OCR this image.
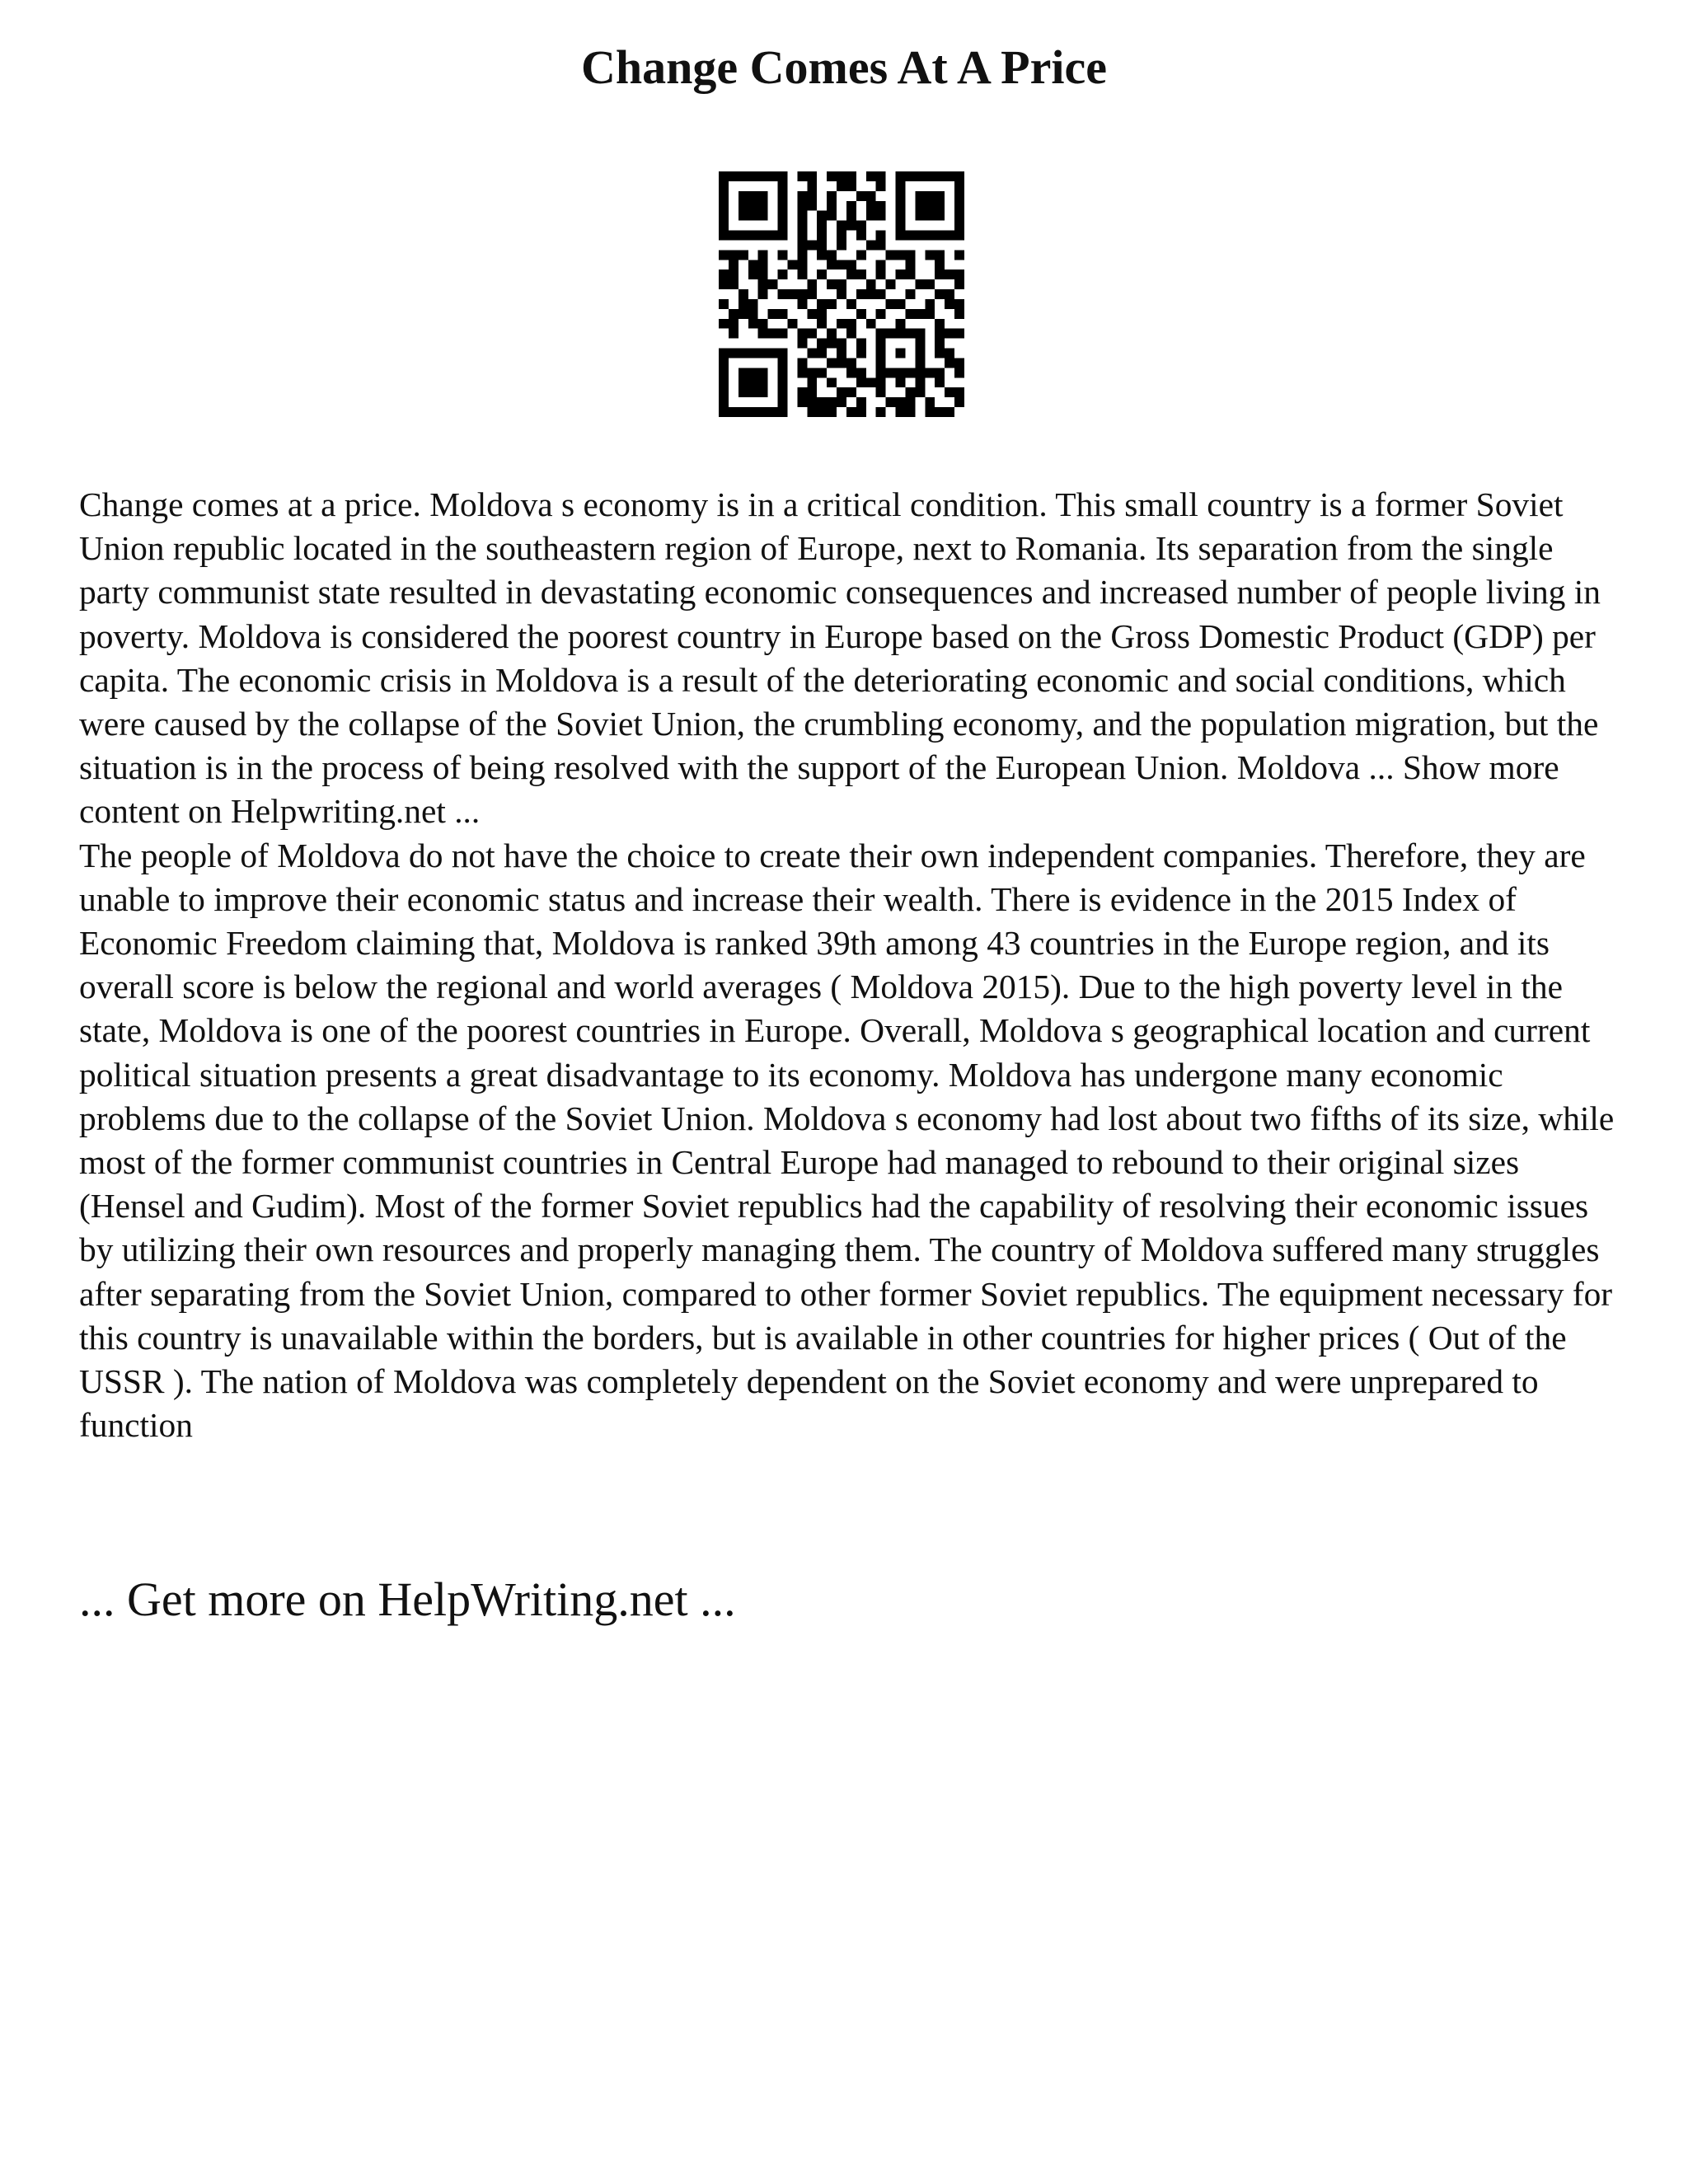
Change Comes At A Price

Change comes at a price. Moldova s economy is in a critical condition. This small country is a former Soviet Union republic located in the southeastern region of Europe, next to Romania. Its separation from the single party communist state resulted in devastating economic consequences and increased number of people living in poverty. Moldova is considered the poorest country in Europe based on the Gross Domestic Product (GDP) per capita. The economic crisis in Moldova is a result of the deteriorating economic and social conditions, which were caused by the collapse of the Soviet Union, the crumbling economy, and the population migration, but the situation is in the process of being resolved with the support of the European Union. Moldova ... Show more content on Helpwriting.net ...

The people of Moldova do not have the choice to create their own independent companies. Therefore, they are unable to improve their economic status and increase their wealth. There is evidence in the 2015 Index of Economic Freedom claiming that, Moldova is ranked 39th among 43 countries in the Europe region, and its overall score is below the regional and world averages ( Moldova 2015). Due to the high poverty level in the state, Moldova is one of the poorest countries in Europe. Overall, Moldova s geographical location and current political situation presents a great disadvantage to its economy. Moldova has undergone many economic problems due to the collapse of the Soviet Union. Moldova s economy had lost about two fifths of its size, while most of the former communist countries in Central Europe had managed to rebound to their original sizes (Hensel and Gudim). Most of the former Soviet republics had the capability of resolving their economic issues by utilizing their own resources and properly managing them. The country of Moldova suffered many struggles after separating from the Soviet Union, compared to other former Soviet republics. The equipment necessary for this country is unavailable within the borders, but is available in other countries for higher prices ( Out of the USSR ). The nation of Moldova was completely dependent on the Soviet economy and were unprepared to function

... Get more on HelpWriting.net ...
